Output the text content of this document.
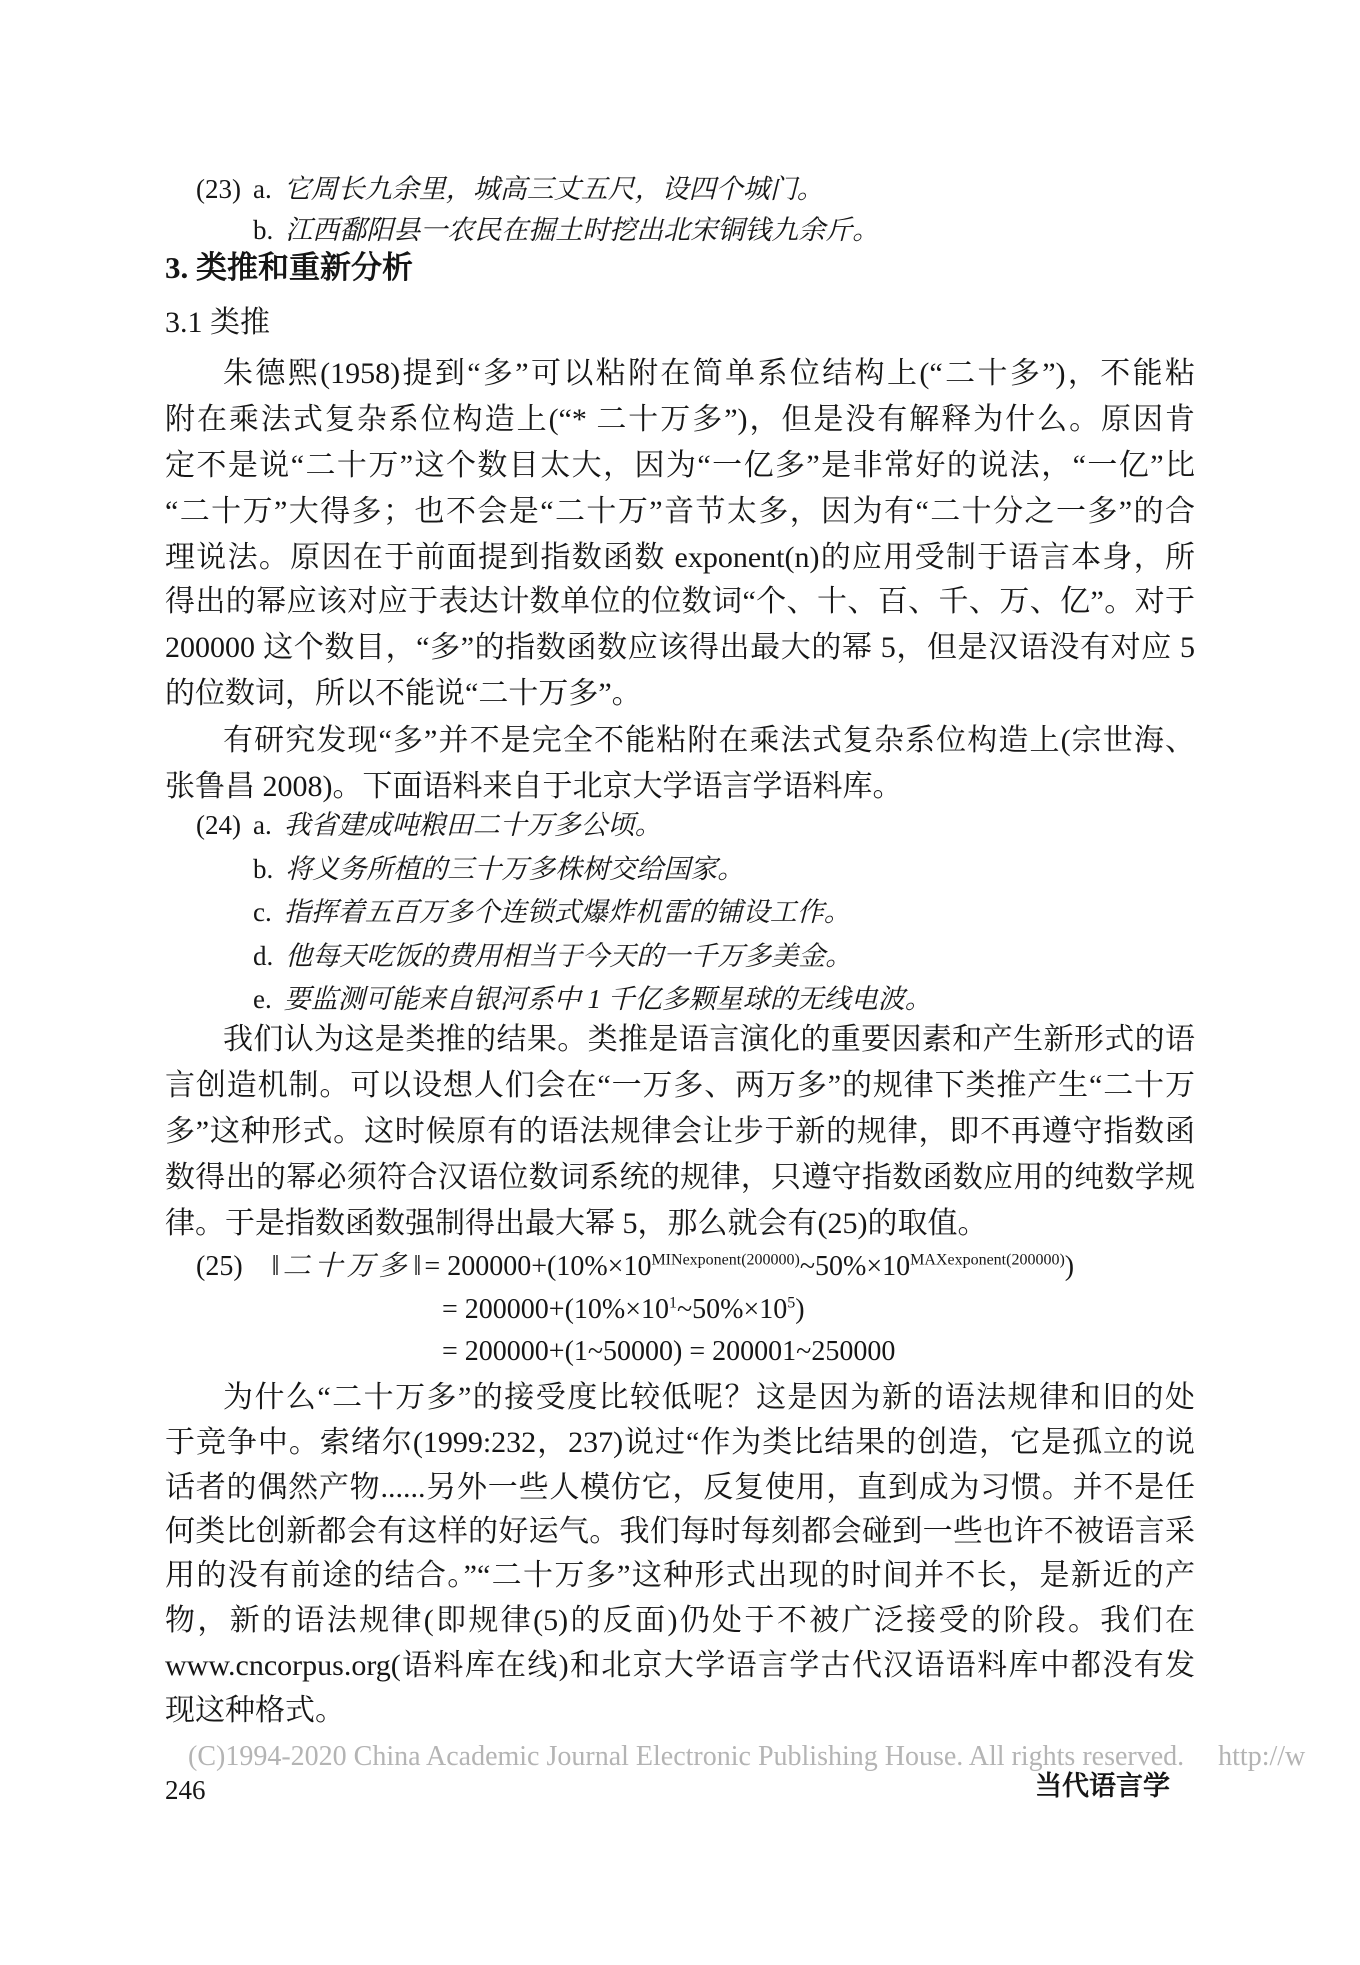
(23) a. 它周长九余里，城高三丈五尺，设四个城门。
b. 江西鄱阳县一农民在掘土时挖出北宋铜钱九余斤。
3. 类推和重新分析
3.1 类推
朱德熙(1958)提到“多”可以粘附在简单系位结构上(“二十多”)，不能粘
附在乘法式复杂系位构造上(“* 二十万多”)，但是没有解释为什么。原因肯
定不是说“二十万”这个数目太大，因为“一亿多”是非常好的说法，“一亿”比
“二十万”大得多；也不会是“二十万”音节太多，因为有“二十分之一多”的合
理说法。原因在于前面提到指数函数 exponent(n)的应用受制于语言本身，所
得出的幂应该对应于表达计数单位的位数词“个、十、百、千、万、亿”。对于
200000 这个数目，“多”的指数函数应该得出最大的幂 5，但是汉语没有对应 5
的位数词，所以不能说“二十万多”。
有研究发现“多”并不是完全不能粘附在乘法式复杂系位构造上(宗世海、
张鲁昌 2008)。下面语料来自于北京大学语言学语料库。
(24) a. 我省建成吨粮田二十万多公顷。
b. 将义务所植的三十万多株树交给国家。
c. 指挥着五百万多个连锁式爆炸机雷的铺设工作。
d. 他每天吃饭的费用相当于今天的一千万多美金。
e. 要监测可能来自银河系中 1 千亿多颗星球的无线电波。
我们认为这是类推的结果。类推是语言演化的重要因素和产生新形式的语
言创造机制。可以设想人们会在“一万多、两万多”的规律下类推产生“二十万
多”这种形式。这时候原有的语法规律会让步于新的规律，即不再遵守指数函
数得出的幂必须符合汉语位数词系统的规律，只遵守指数函数应用的纯数学规
律。于是指数函数强制得出最大幂 5，那么就会有(25)的取值。
(25) ‖ 二十万多 ‖ = $200000+(10\%\times 10^{MINexponent(200000)}\sim 50\%\times 10^{MAXexponent(200000)})$
= $200000+(10\%\times 10^1\sim 50\%\times 10^5)$
= 200000+(1~50000) = 200001~250000
为什么“二十万多”的接受度比较低呢？这是因为新的语法规律和旧的处
于竞争中。索绪尔(1999:232，237)说过“作为类比结果的创造，它是孤立的说
话者的偶然产物......另外一些人模仿它，反复使用，直到成为习惯。并不是任
何类比创新都会有这样的好运气。我们每时每刻都会碰到一些也许不被语言采
用的没有前途的结合。”“二十万多”这种形式出现的时间并不长，是新近的产
物，新的语法规律(即规律(5)的反面)仍处于不被广泛接受的阶段。我们在
www.cncorpus.org(语料库在线)和北京大学语言学古代汉语语料库中都没有发
现这种格式。
(C)1994-2020 China Academic Journal Electronic Publishing House. All rights reserved. http://w
246	当代语言学
